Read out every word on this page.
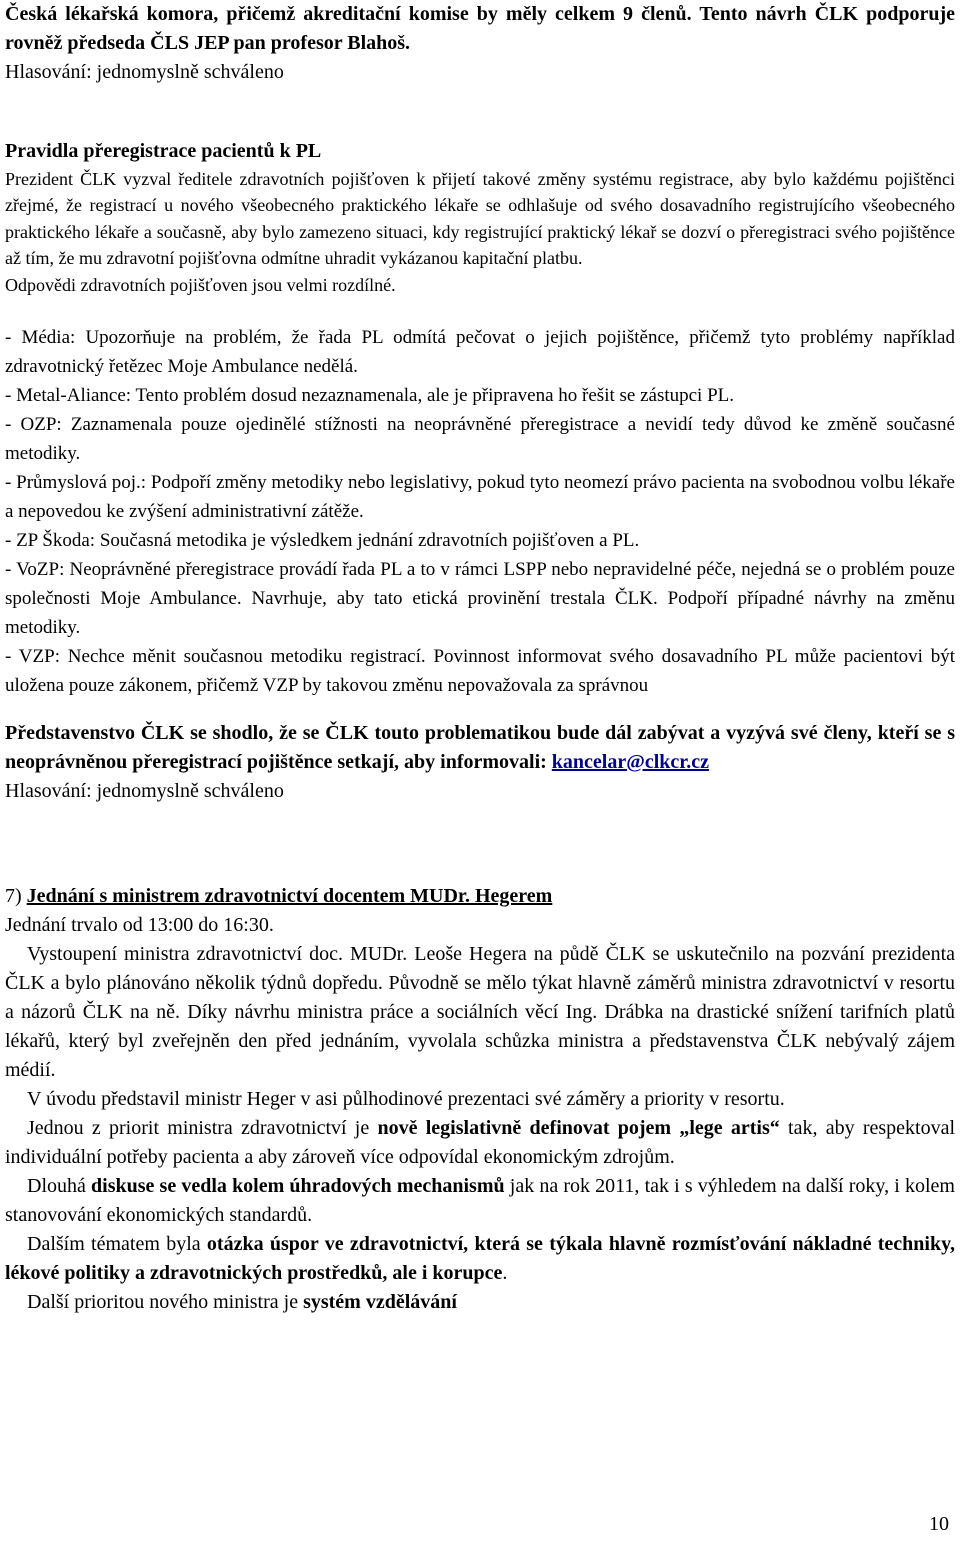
Česká lékařská komora, přičemž akreditační komise by měly celkem 9 členů. Tento návrh ČLK podporuje rovněž předseda ČLS JEP pan profesor Blahoš.

Hlasování: jednomyslně schváleno

Pravidla přeregistrace pacientů k PL

Prezident ČLK vyzval ředitele zdravotních pojišťoven k přijetí takové změny systému registrace, aby bylo každému pojištěnci zřejmé, že registrací u nového všeobecného praktického lékaře se odhlašuje od svého dosavadního registrujícího všeobecného praktického lékaře a současně, aby bylo zamezeno situaci, kdy registrující praktický lékař se dozví o přeregistraci svého pojištěnce až tím, že mu zdravotní pojišťovna odmítne uhradit vykázanou kapitační platbu.

Odpovědi zdravotních pojišťoven jsou velmi rozdílné.

- Média: Upozorňuje na problém, že řada PL odmítá pečovat o jejich pojištěnce, přičemž tyto problémy například zdravotnický řetězec Moje Ambulance nedělá.

- Metal-Aliance: Tento problém dosud nezaznamenala, ale je připravena ho řešit se zástupci PL.

- OZP: Zaznamenala pouze ojedinělé stížnosti na neoprávněné přeregistrace a nevidí tedy důvod ke změně současné metodiky.

- Průmyslová poj.: Podpoří změny metodiky nebo legislativy, pokud tyto neomezí právo pacienta na svobodnou volbu lékaře a nepovedou ke zvýšení administrativní zátěže.

- ZP Škoda: Současná metodika je výsledkem jednání zdravotních pojišťoven a PL.

- VoZP: Neoprávněné přeregistrace provádí řada PL a to v rámci LSPP nebo nepravidelné péče, nejedná se o problém pouze společnosti Moje Ambulance. Navrhuje, aby tato etická provinění trestala ČLK. Podpoří případné návrhy na změnu metodiky.

- VZP: Nechce měnit současnou metodiku registrací. Povinnost informovat svého dosavadního PL může pacientovi být uložena pouze zákonem, přičemž VZP by takovou změnu nepovažovala za správnou

Představenstvo ČLK se shodlo, že se ČLK touto problematikou bude dál zabývat a vyzývá své členy, kteří se s neoprávněnou přeregistrací pojištěnce setkají, aby informovali: kancelar@clkcr.cz

Hlasování: jednomyslně schváleno

7) Jednání s ministrem zdravotnictví docentem MUDr. Hegerem

Jednání trvalo od 13:00 do 16:30.

Vystoupení ministra zdravotnictví doc. MUDr. Leoše Hegera na půdě ČLK se uskutečnilo na pozvání prezidenta ČLK a bylo plánováno několik týdnů dopředu. Původně se mělo týkat hlavně záměrů ministra zdravotnictví v resortu a názorů ČLK na ně. Díky návrhu ministra práce a sociálních věcí Ing. Drábka na drastické snížení tarifních platů lékařů, který byl zveřejněn den před jednáním, vyvolala schůzka ministra a představenstva ČLK nebývalý zájem médií.

V úvodu představil ministr Heger v asi půlhodinové prezentaci své záměry a priority v resortu.

Jednou z priorit ministra zdravotnictví je nově legislativně definovat pojem „lege artis“ tak, aby respektoval individuální potřeby pacienta a aby zároveň více odpovídal ekonomickým zdrojům.

Dlouhá diskuse se vedla kolem úhradových mechanismů jak na rok 2011, tak i s výhledem na další roky, i kolem stanovování ekonomických standardů.

Dalším tématem byla otázka úspor ve zdravotnictví, která se týkala hlavně rozmísťování nákladné techniky, lékové politiky a zdravotnických prostředků, ale i korupce.

Další prioritou nového ministra je systém vzdělávání

10
